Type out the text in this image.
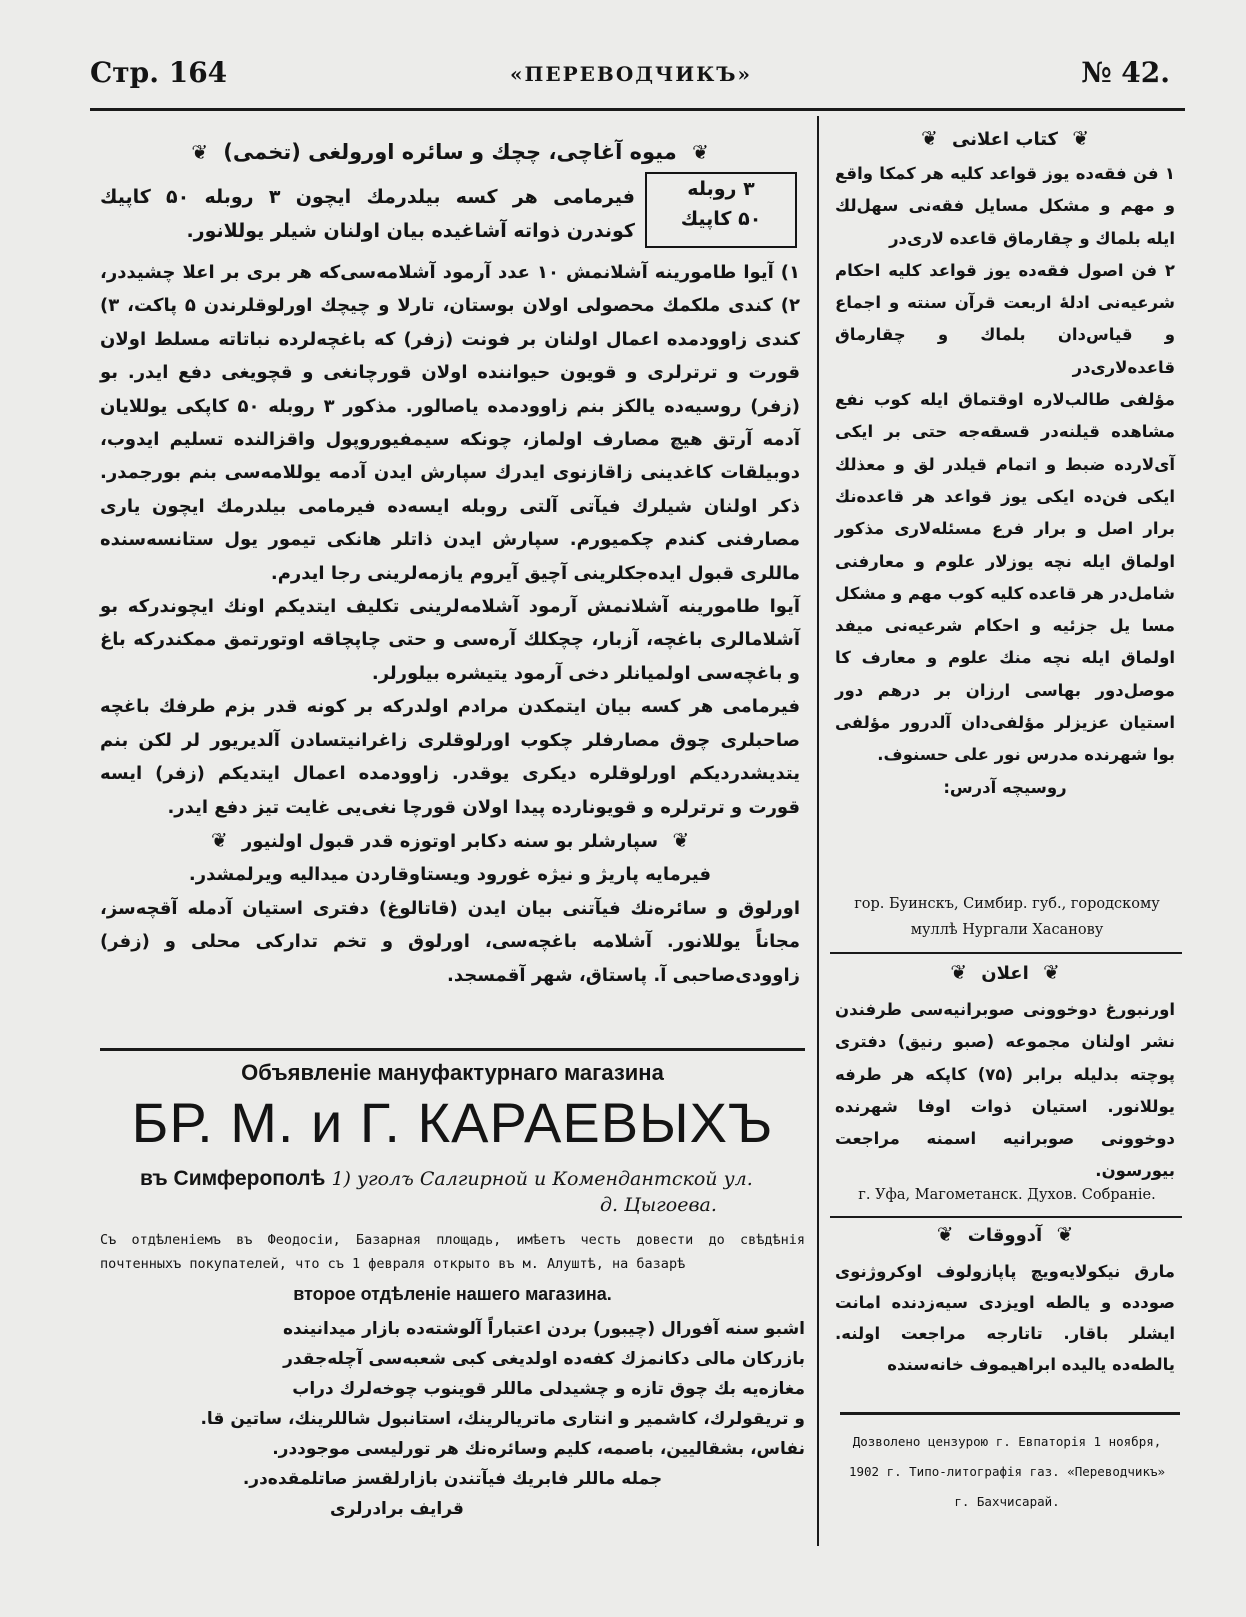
Стр. 164	«ПЕРЕВОДЧИКЪ»	№ 42.
❦ میوه آغاچی، چچك و سائره اورولغی (تخمی) ❦
۳ روبله
۵۰ کاپیك

فیرمامی هر کسه بیلدرمك ایچون ۳ روبله ۵۰ کاپیك کوندرن ذواته آشاغیده بیان اولنان شیلر یوللانور.

۱) آیوا طامورینه آشلانمش ۱۰ عدد آرمود آشلامه‌سی‌که هر بری بر اعلا چشیددر، ۲) کندی ملکمك محصولی اولان بوستان، تارلا و چیچك اورلوقلرندن ۵ پاکت، ۳) کندی زاوودمده اعمال اولنان بر فونت (زفر) که باغچه‌لرده نباتاته مسلط اولان قورت و ترترلری و قویون حیواننده اولان قورچانغی و قچویغی دفع ایدر. بو (زفر) روسیه‌ده یالکز بنم زاوودمده یاصالور. مذکور ۳ روبله ۵۰ کاپکی یوللایان آدمه آرتق هیچ مصارف اولماز، چونکه سیمفیوروپول واقزالنده تسلیم ایدوب، دوبیلقات کاغدینی زاقازنوی ایدرك سپارش ایدن آدمه یوللامه‌سی بنم بورجمدر. ذکر اولنان شیلرك فیآتی آلتی روبله ایسه‌ده فیرمامی بیلدرمك ایچون یاری مصارفنی کندم چکمیورم. سپارش ایدن ذاتلر هانکی تیمور یول ستانسه‌سنده ماللری قبول ایده‌جکلرینی آچیق آیروم یازمه‌لرینی رجا ایدرم.

آیوا طامورینه آشلانمش آرمود آشلامه‌لرینی تکلیف ایتدیکم اونك ایچوندرکه بو آشلامالری باغچه، آزبار، چچکلك آره‌سی و حتی چاپچاقه اوتورتمق ممکندرکه باغ و باغچه‌سی اولمیانلر دخی آرمود یتیشره بیلورلر.

فیرمامی هر کسه بیان ایتمکدن مرادم اولدرکه بر کونه قدر بزم طرفك باغچه صاحبلری چوق مصارفلر چکوب اورلوقلری زاغرانیتسادن آلدیریور لر لکن بنم یتدیشدردیکم اورلوقلره دیکری یوقدر. زاوودمده اعمال ایتدیکم (زفر) ایسه قورت و ترترلره و قویونارده پیدا اولان قورچا نغی‌یی غایت تیز دفع ایدر.

❦ سپارشلر بو سنه دکابر اوتوزه قدر قبول اولنیور ❦

فیرمایه پاریژ و نیژه غورود ویستاوقاردن میدالیه ویرلمشدر.

اورلوق و سائره‌نك فیآتنی بیان ایدن (قاتالوغ) دفتری استیان آدمله آقچه‌سز، مجاناً یوللانور. آشلامه باغچه‌سی، اورلوق و تخم تدارکی محلی و (زفر) زاوودی‌صاحبی آ. پاستاق، شهر آقمسجد.

Объявленіе мануфактурнаго магазина
БР. М. и Г. КАРАЕВЫХЪ
въ Симферополѣ 1) уголъ Салгирной и Комендантской ул.
д. Цыгоева.
Съ отдѣленіемъ въ Феодосіи, Базарная площадь, имѣетъ честь довести до свѣдѣнія почтенныхъ покупателей, что съ 1 февраля открыто въ м. Алуштѣ, на базарѣ
второе отдѣленіе нашего магазина.

اشبو سنه آفورال (چیبور) بردن اعتباراً آلوشته‌ده بازار میدانینده

بازرکان مالی دکانمزك کفه‌ده اولدیغی کبی شعبه‌سی آچله‌جقدر

مغازه‌یه بك چوق تازه و چشیدلی ماللر قوینوب چوخه‌لرك دراب

و تریقولرك، کاشمیر و انتاری ماتریالرینك، استانبول شاللرینك، ساتین قا.

نفاس، بشقالیین، باصمه، کلیم وسائره‌نك هر تورلیسی موجوددر.

جمله ماللر فابریك فیآتندن بازارلقسز صاتلمقده‌در.

قرایف برادرلری

❦ کتاب اعلانی ❦

۱ فن فقه‌ده یوز قواعد کلیه هر کمکا واقع و مهم و مشکل مسایل فقه‌نی سهل‌لك ایله بلماك و چقارماق قاعده لاری‌در

۲ فن اصول فقه‌ده یوز قواعد کلیه احکام شرعیه‌نی ادلهٔ اربعت قرآن سنته و اجماع و قیاس‌دان بلماك و چقارماق قاعده‌لاری‌در

مؤلفی طالب‌لاره اوقتماق ایله کوب نفع مشاهده قیلنه‌در قسقه‌جه حتی بر ایکی آی‌لارده ضبط و اتمام قیلدر لق و معذلك ایکی فن‌ده ایکی یوز قواعد هر قاعده‌نك برار اصل و برار فرع مسئله‌لاری مذکور اولماق ایله نچه یوزلار علوم و معارفنی شامل‌در هر قاعده کلیه کوب مهم و مشکل مسا یل جزئیه و احکام شرعیه‌نی میفد اولماق ایله نچه منك علوم و معارف کا موصل‌دور بهاسی ارزان بر درهم دور استیان عزیزلر مؤلفی‌دان آلدرور مؤلفی بوا شهرنده مدرس نور علی حسنوف.

روسیچه آدرس:

гор. Буинскъ, Симбир. губ., городскому
муллѣ Нургали Хасанову
❦ اعلان ❦
اورنبورغ دوخوونی صوبرانیه‌سی طرفندن نشر اولنان مجموعه (صبو رنیق) دفتری پوچته بدلیله برابر (۷۵) کاپکه هر طرفه یوللانور. استیان ذوات اوفا شهرنده دوخوونی صوبرانیه اسمنه مراجعت بیورسون.
г. Уфа, Магометанск. Духов. Собраніе.
❦ آدووقات ❦
مارق نیکولایه‌ویچ پاپازولوف اوکروژنوی صودده و یالطه اویزدی سیه‌زدنده امانت ایشلر باقار. تاتارجه مراجعت اولنه. یالطه‌ده یالیده ابراهیموف خانه‌سنده
Дозволено цензурою г. Евпаторія 1 ноября,
1902 г. Типо-литографія газ. «Переводчикъ»
г. Бахчисарай.
